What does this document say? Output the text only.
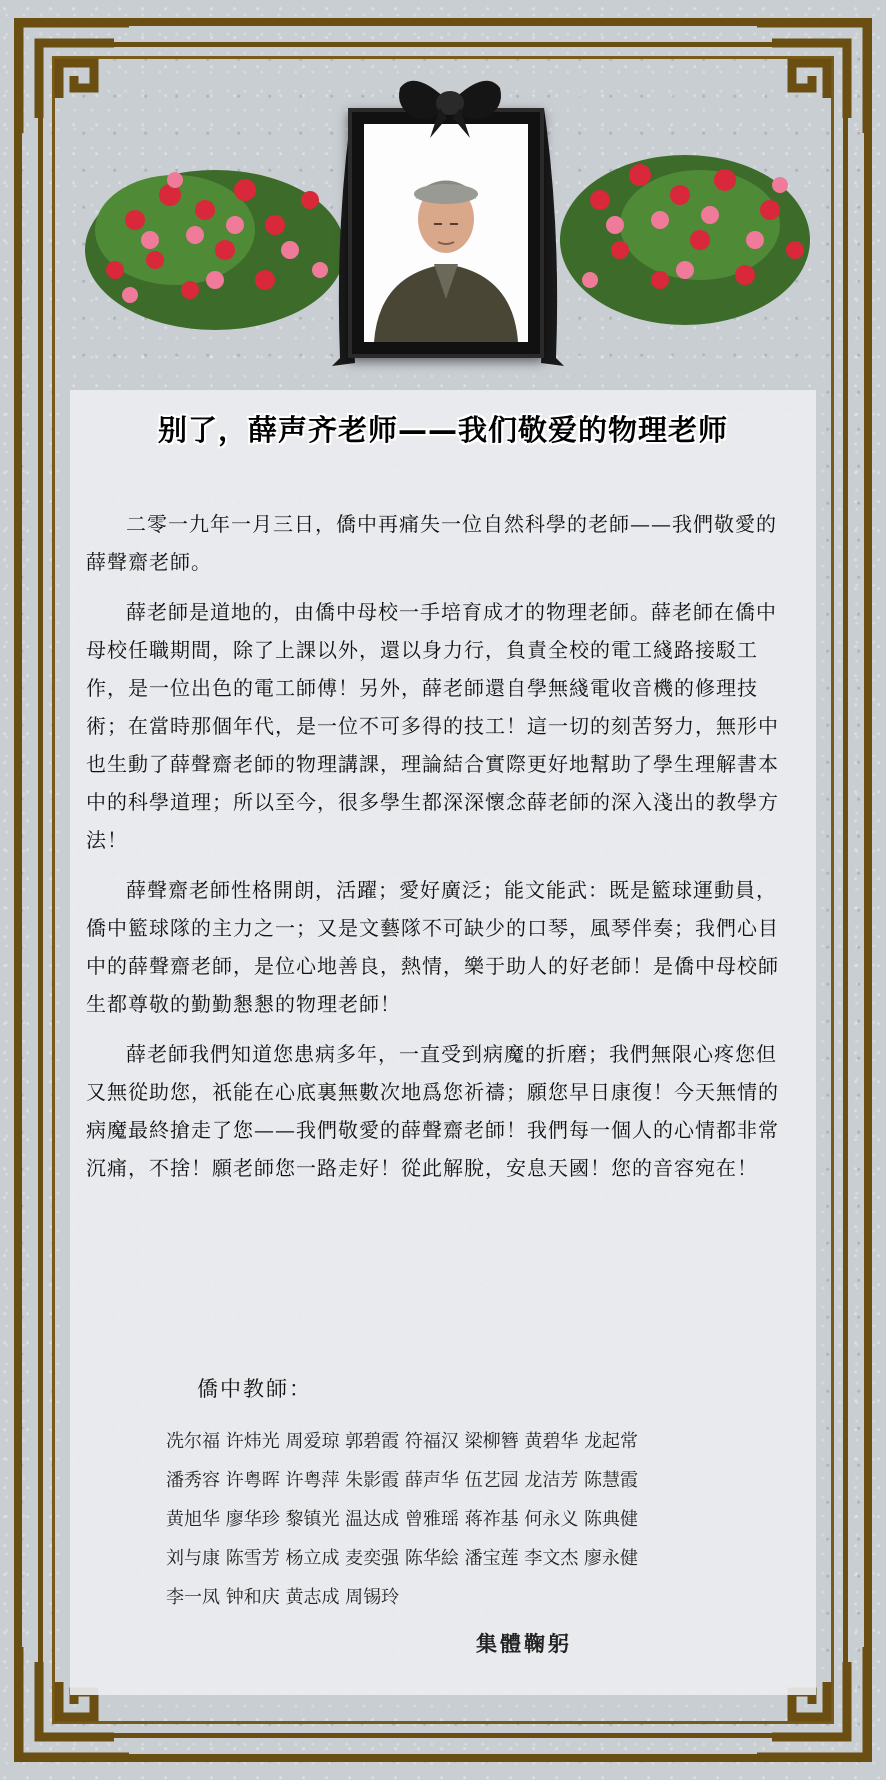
别了，薛声齐老师——我们敬爱的物理老师

二零一九年一月三日，僑中再痛失一位自然科學的老師——我們敬愛的薛聲齋老師。

薛老師是道地的，由僑中母校一手培育成才的物理老師。薛老師在僑中母校任職期間，除了上課以外，還以身力行，負責全校的電工綫路接駁工作，是一位出色的電工師傅！另外，薛老師還自學無綫電收音機的修理技術；在當時那個年代，是一位不可多得的技工！這一切的刻苦努力，無形中也生動了薛聲齋老師的物理講課，理論結合實際更好地幫助了學生理解書本中的科學道理；所以至今，很多學生都深深懷念薛老師的深入淺出的教學方法！

薛聲齋老師性格開朗，活躍；愛好廣泛；能文能武：既是籃球運動員，僑中籃球隊的主力之一；又是文藝隊不可缺少的口琴，風琴伴奏；我們心目中的薛聲齋老師，是位心地善良，熱情，樂于助人的好老師！是僑中母校師生都尊敬的勤勤懇懇的物理老師！

薛老師我們知道您患病多年，一直受到病魔的折磨；我們無限心疼您但又無從助您，祇能在心底裏無數次地爲您祈禱；願您早日康復！今天無情的病魔最終搶走了您——我們敬愛的薛聲齋老師！我們每一個人的心情都非常沉痛，不捨！願老師您一路走好！從此解脫，安息天國！您的音容宛在！

僑中教師：
冼尔福 许炜光 周爱琼 郭碧霞 符福汉 梁柳簪 黄碧华 龙起常
潘秀容 许粤晖 许粤萍 朱影霞 薛声华 伍艺园 龙洁芳 陈慧霞
黄旭华 廖华珍 黎镇光 温达成 曾雅瑶 蒋祚基 何永义 陈典健
刘与康 陈雪芳 杨立成 麦奕强 陈华絵 潘宝莲 李文杰 廖永健
李一凤 钟和庆 黄志成 周锡玲
集體鞠躬
